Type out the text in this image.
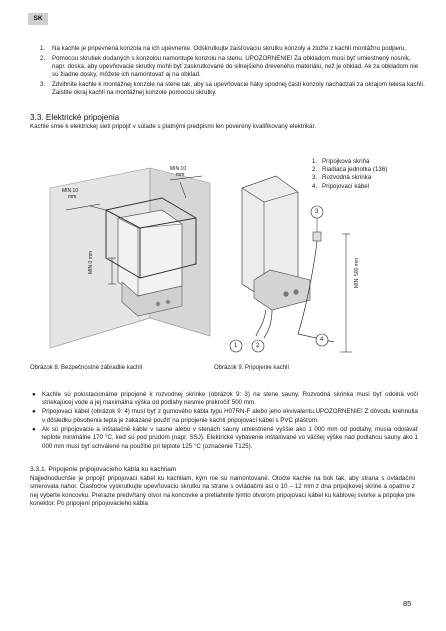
SK
1. Na kachle je pripevnená konzola na ich upevnenie. Odskrutkujte zaisťovaciu skrutku konzoly a zložte z kachlí montážnu podperu.
2. Pomocou skrutiek dodaných s konzolou namontujte konzolu na stenu. UPOZORNENIE! Za obkladom musí byť umiestnený nosník, napr. doska, aby upevňovacie skrutky mohli byť zaskrutkované do silnejšieho dreveného materiálu, než je obklad. Ak za obkladom nie sú žiadne dosky, môžete ich namontovať aj na obklad.
3. Zdvihnite kachle k montážnej konzole na stene tak, aby sa upevňovacie háky spodnej časti konzoly nachádzali za okrajom telesa kachlí. Zaistite okraj kachlí na montážnej konzole pomocou skrutky.
3.3. Elektrické pripojenia
Kachle smie k elektrickej sieti pripojiť v súlade s platnými predpismi len poverený kvalifikovaný elektrikár.
MIN 10
mm
MIN 10
mm
MIN 0 mm
3
1	2
4
MIN. 500 mm
1. Prípojková skriňa
2. Riadiaca jednotka (136)
3. Rozvodná skrinka
4. Pripojovací kábel
Obrázok 8. Bezpečnostné zábradlie kachlí	Obrázok 9. Pripojenie kachlí
● Kachle sú polostacionárne pripojené k rozvodnej skrinke (obrázok 9: 3) na stene sauny. Rozvodná skrinka musí byť odolná voči striekajúcej vode a jej maximálna výška od podlahy nesmie prekročiť 500 mm.
● Pripojovací kábel (obrázok 9: 4) musí byť z gumového kábla typu H07RN-F alebo jeho ekvivalentu.UPOZORNENIE! Z dôvodu krehnutia v dôsledku pôsobenia tepla je zakázané použiť na pripojenie kachlí pripojovací kábel s PVC plášťom.
● Ak sú pripojovacie a inštalačné káble v saune alebo v stenách sauny umiestnené vyššie ako 1 000 mm od podlahy, musia odolávať teplote minimálne 170 °C, keď sú pod prúdom (napr. SSJ). Elektrické vybavenie inštalované vo väčšej výške nad podlahou sauny ako 1 000 mm musí byť schválené na použitie pri teplote 125 °C (označenie T125).
3.3.1. Pripojenie pripojovacieho kábla ku kachliam
Najjednoduchšie je pripojiť pripojovací kábel ku kachliam, kým nie sú namontované. Otočte kachle na bok tak, aby strana s ovládačmi smerovala nahor. Čiastočne vyskrutkujte upevňovaciu skrutku na strane s ovládačmi asi o 10 – 12 mm z dna prípojkovej skrine a opatrne z nej vyberte koncovku. Prerazte predvŕtaný otvor na koncovke a pretiahnite týmto otvorom pripojovací kábel ku káblovej svorke a pripojke pre konektor. Po pripojení pripojovacieho kábla
85
